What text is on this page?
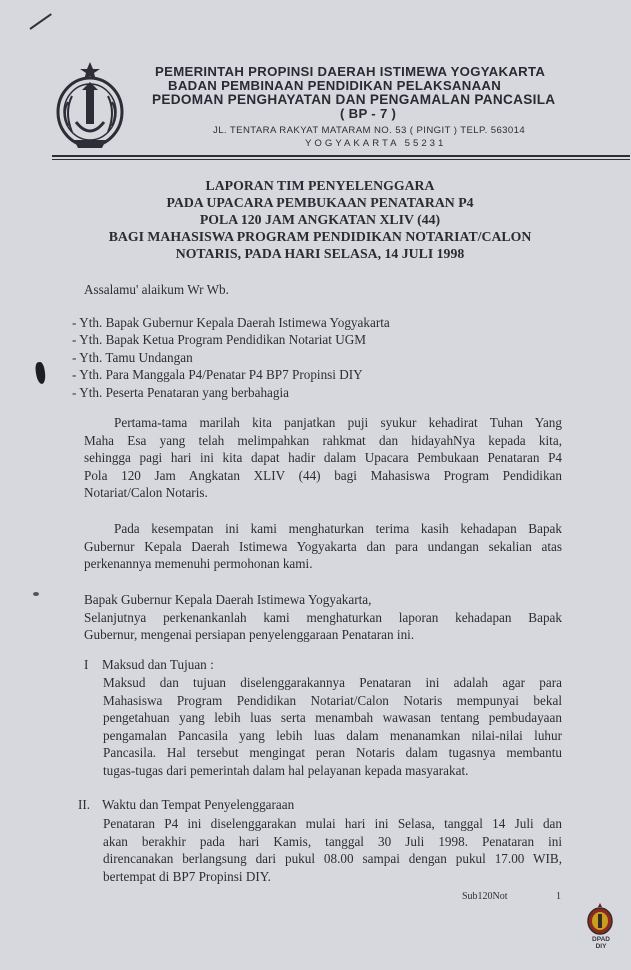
PEMERINTAH PROPINSI DAERAH ISTIMEWA YOGYAKARTA
BADAN PEMBINAAN PENDIDIKAN PELAKSANAAN
PEDOMAN PENGHAYATAN DAN PENGAMALAN PANCASILA
( BP - 7 )
JL. TENTARA RAKYAT MATARAM NO. 53 ( PINGIT ) TELP. 563014
YOGYAKARTA 55231
LAPORAN TIM PENYELENGGARA
PADA UPACARA PEMBUKAAN PENATARAN P4
POLA 120 JAM ANGKATAN XLIV (44)
BAGI MAHASISWA PROGRAM PENDIDIKAN NOTARIAT/CALON
NOTARIS, PADA HARI SELASA, 14 JULI 1998
Assalamu' alaikum Wr Wb.
- Yth. Bapak Gubernur Kepala Daerah Istimewa Yogyakarta
- Yth. Bapak Ketua Program Pendidikan Notariat UGM
- Yth. Tamu Undangan
- Yth. Para Manggala P4/Penatar P4 BP7 Propinsi DIY
- Yth. Peserta Penataran yang berbahagia
Pertama-tama marilah kita panjatkan puji syukur kehadirat Tuhan Yang
Maha Esa yang telah melimpahkan rahkmat dan hidayahNya kepada kita,
sehingga pagi hari ini kita dapat hadir dalam Upacara Pembukaan Penataran P4
Pola 120 Jam Angkatan XLIV (44) bagi Mahasiswa Program Pendidikan
Notariat/Calon Notaris.
Pada kesempatan ini kami menghaturkan terima kasih kehadapan Bapak
Gubernur Kepala Daerah Istimewa Yogyakarta dan para undangan sekalian atas
perkenannya memenuhi permohonan kami.
Bapak Gubernur Kepala Daerah Istimewa Yogyakarta,
Selanjutnya perkenankanlah kami menghaturkan laporan kehadapan Bapak
Gubernur, mengenai persiapan penyelenggaraan Penataran ini.
I Maksud dan Tujuan :
Maksud dan tujuan diselenggarakannya Penataran ini adalah agar para
Mahasiswa Program Pendidikan Notariat/Calon Notaris mempunyai bekal
pengetahuan yang lebih luas serta menambah wawasan tentang pembudayaan
pengamalan Pancasila yang lebih luas dalam menanamkan nilai-nilai luhur
Pancasila. Hal tersebut mengingat peran Notaris dalam tugasnya membantu
tugas-tugas dari pemerintah dalam hal pelayanan kepada masyarakat.
II. Waktu dan Tempat Penyelenggaraan
Penataran P4 ini diselenggarakan mulai hari ini Selasa, tanggal 14 Juli dan
akan berakhir pada hari Kamis, tanggal 30 Juli 1998. Penataran ini
direncanakan berlangsung dari pukul 08.00 sampai dengan pukul 17.00 WIB,
bertempat di BP7 Propinsi DIY.
Sub120Not	1
DPAD DIY
